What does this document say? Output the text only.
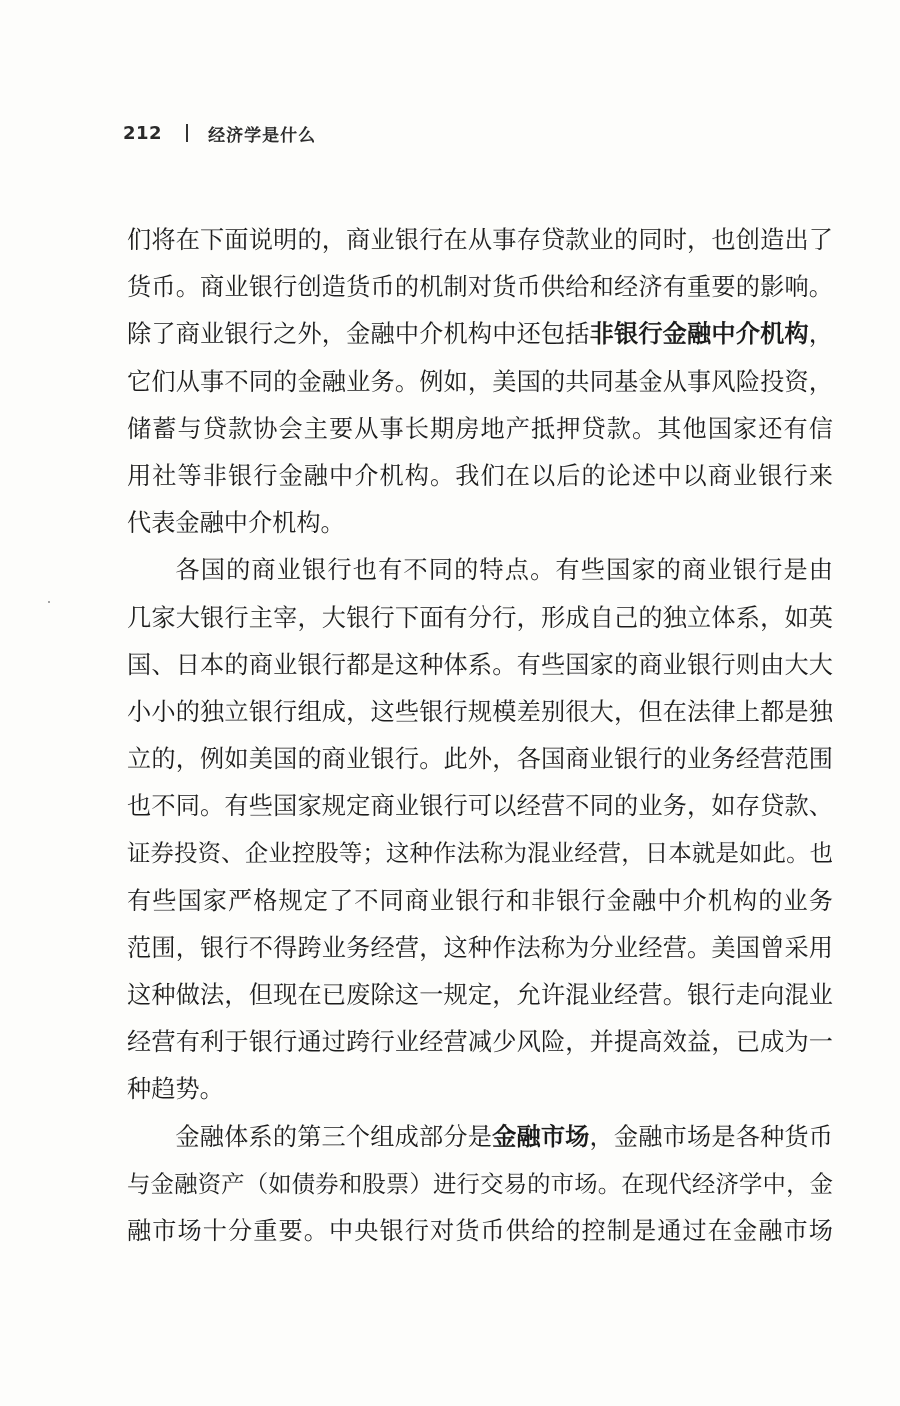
212	经济学是什么
们将在下面说明的，商业银行在从事存贷款业的同时，也创造出了
货币。商业银行创造货币的机制对货币供给和经济有重要的影响。
除了商业银行之外，金融中介机构中还包括非银行金融中介机构，
它们从事不同的金融业务。例如，美国的共同基金从事风险投资，
储蓄与贷款协会主要从事长期房地产抵押贷款。其他国家还有信
用社等非银行金融中介机构。我们在以后的论述中以商业银行来
代表金融中介机构。
各国的商业银行也有不同的特点。有些国家的商业银行是由
几家大银行主宰，大银行下面有分行，形成自己的独立体系，如英
国、日本的商业银行都是这种体系。有些国家的商业银行则由大大
小小的独立银行组成，这些银行规模差别很大，但在法律上都是独
立的，例如美国的商业银行。此外，各国商业银行的业务经营范围
也不同。有些国家规定商业银行可以经营不同的业务，如存贷款、
证券投资、企业控股等；这种作法称为混业经营，日本就是如此。也
有些国家严格规定了不同商业银行和非银行金融中介机构的业务
范围，银行不得跨业务经营，这种作法称为分业经营。美国曾采用
这种做法，但现在已废除这一规定，允许混业经营。银行走向混业
经营有利于银行通过跨行业经营减少风险，并提高效益，已成为一
种趋势。
金融体系的第三个组成部分是金融市场，金融市场是各种货币
与金融资产（如债券和股票）进行交易的市场。在现代经济学中，金
融市场十分重要。中央银行对货币供给的控制是通过在金融市场
